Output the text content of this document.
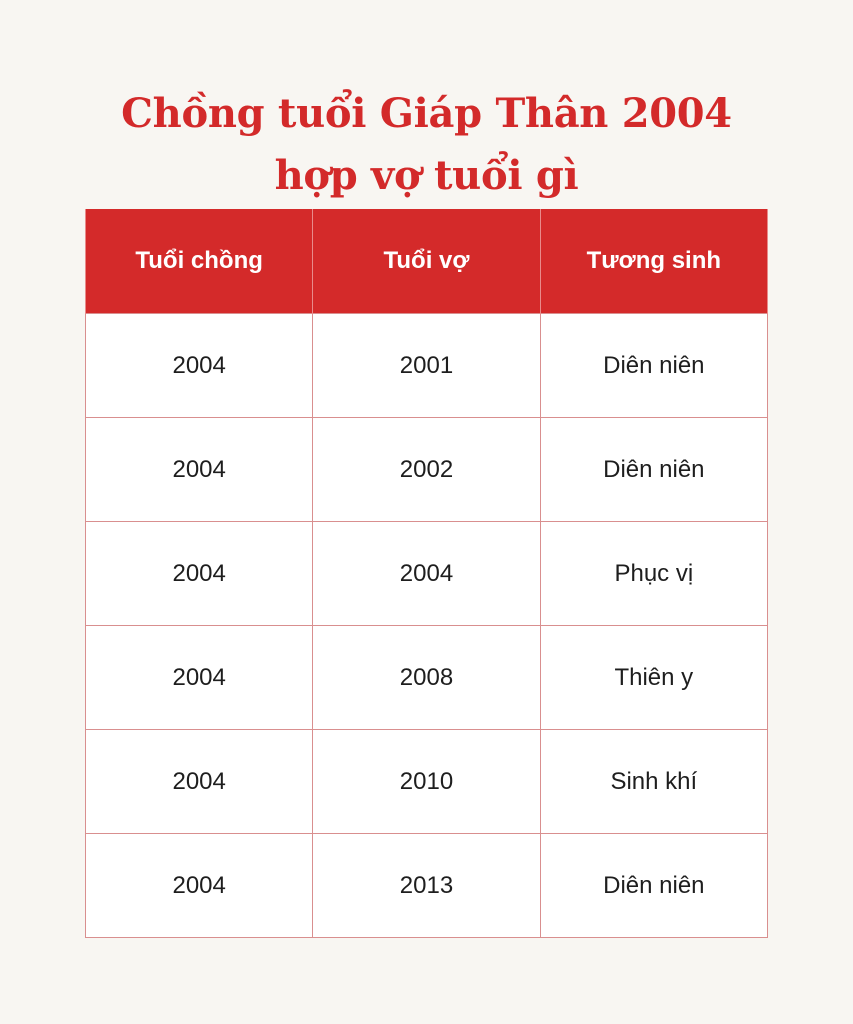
Chồng tuổi Giáp Thân 2004
hợp vợ tuổi gì
Tuổi chồng	Tuổi vợ	Tương sinh
2004	2001	Diên niên
2004	2002	Diên niên
2004	2004	Phục vị
2004	2008	Thiên y
2004	2010	Sinh khí
2004	2013	Diên niên
